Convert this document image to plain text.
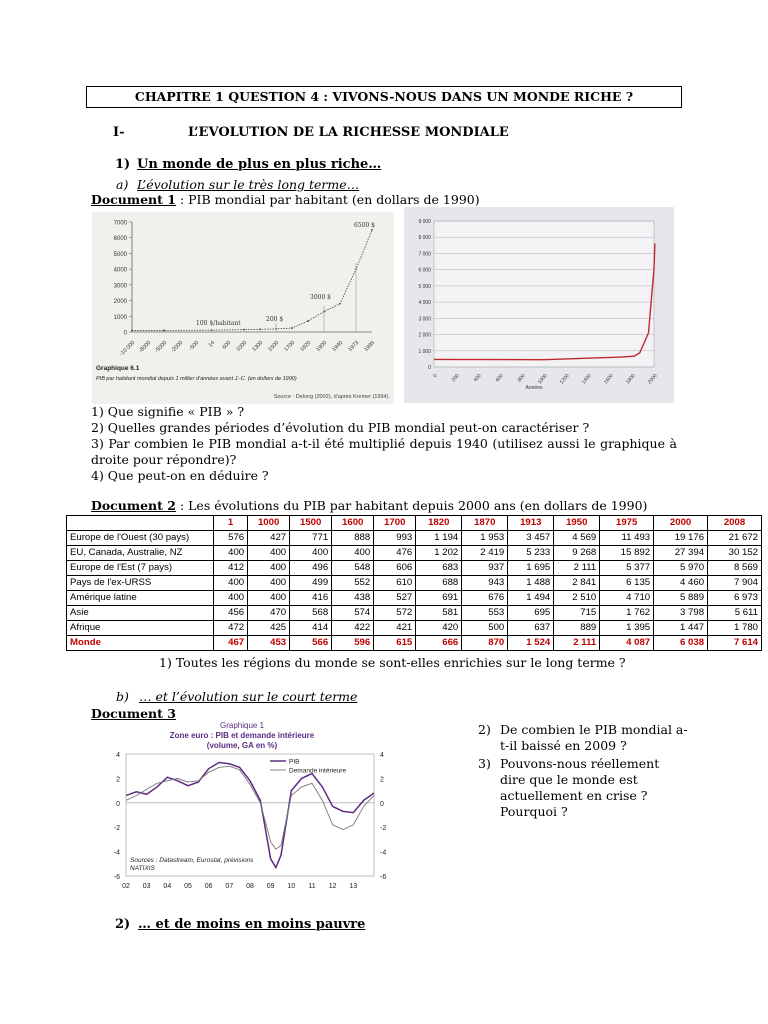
CHAPITRE 1 QUESTION 4 : VIVONS-NOUS DANS UN MONDE RICHE ?
I-	L’EVOLUTION DE LA RICHESSE MONDIALE
1) Un monde de plus en plus riche…
a) L’évolution sur le très long terme…
Document 1 : PIB mondial par habitant (en dollars de 1990)
0
1000
2000
3000
4000
5000
6000
7000
-10 000 -8000 -5000 -2000 -500 14 600 1000 1300 1500 1700 1820 1900 1940 1973 1995
6500 $
3000 $
200 $
100 $/habitant
Graphique 6.1
PIB par habitant mondial depuis 1 millier d'années avant J.-C. (en dollars de 1990)
Source : Delong (2002), d'après Kremer (1994).
0
1 000
2 000
3 000
4 000
5 000
6 000
7 000
8 000
9 000
0 200 400 600 800 1000 1200 1400 1600 1800 2000
Années
1) Que signifie « PIB » ?
2) Quelles grandes périodes d’évolution du PIB mondial peut-on caractériser ?
3) Par combien le PIB mondial a-t-il été multiplié depuis 1940 (utilisez aussi le graphique à droite pour répondre)?
4) Que peut-on en déduire ?
Document 2 : Les évolutions du PIB par habitant depuis 2000 ans (en dollars de 1990)
	1	1000	1500	1600	1700	1820	1870	1913	1950	1975	2000	2008
Europe de l'Ouest (30 pays)	576	427	771	888	993	1 194	1 953	3 457	4 569	11 493	19 176	21 672
EU, Canada, Australie, NZ	400	400	400	400	476	1 202	2 419	5 233	9 268	15 892	27 394	30 152
Europe de l'Est (7 pays)	412	400	496	548	606	683	937	1 695	2 111	5 377	5 970	8 569
Pays de l'ex-URSS	400	400	499	552	610	688	943	1 488	2 841	6 135	4 460	7 904
Amérique latine	400	400	416	438	527	691	676	1 494	2 510	4 710	5 889	6 973
Asie	456	470	568	574	572	581	553	695	715	1 762	3 798	5 611
Afrique	472	425	414	422	421	420	500	637	889	1 395	1 447	1 780
Monde	467	453	566	596	615	666	870	1 524	2 111	4 087	6 038	7 614
1) Toutes les régions du monde se sont-elles enrichies sur le long terme ?
b) … et l’évolution sur le court terme
Document 3
Graphique 1
Zone euro : PIB et demande intérieure
(volume, GA en %)
-6	-6
-4	-4
-2	-2
0	0
2	2
4	4
02 03 04 05 06 07 08 09 10 11 12 13
PIB
Demande intérieure
Sources : Datastream, Eurostat, prévisions
NATIXIS
2) De combien le PIB mondial a-t-il baissé en 2009 ?
3) Pouvons-nous réellement dire que le monde est actuellement en crise ? Pourquoi ?
2) … et de moins en moins pauvre
